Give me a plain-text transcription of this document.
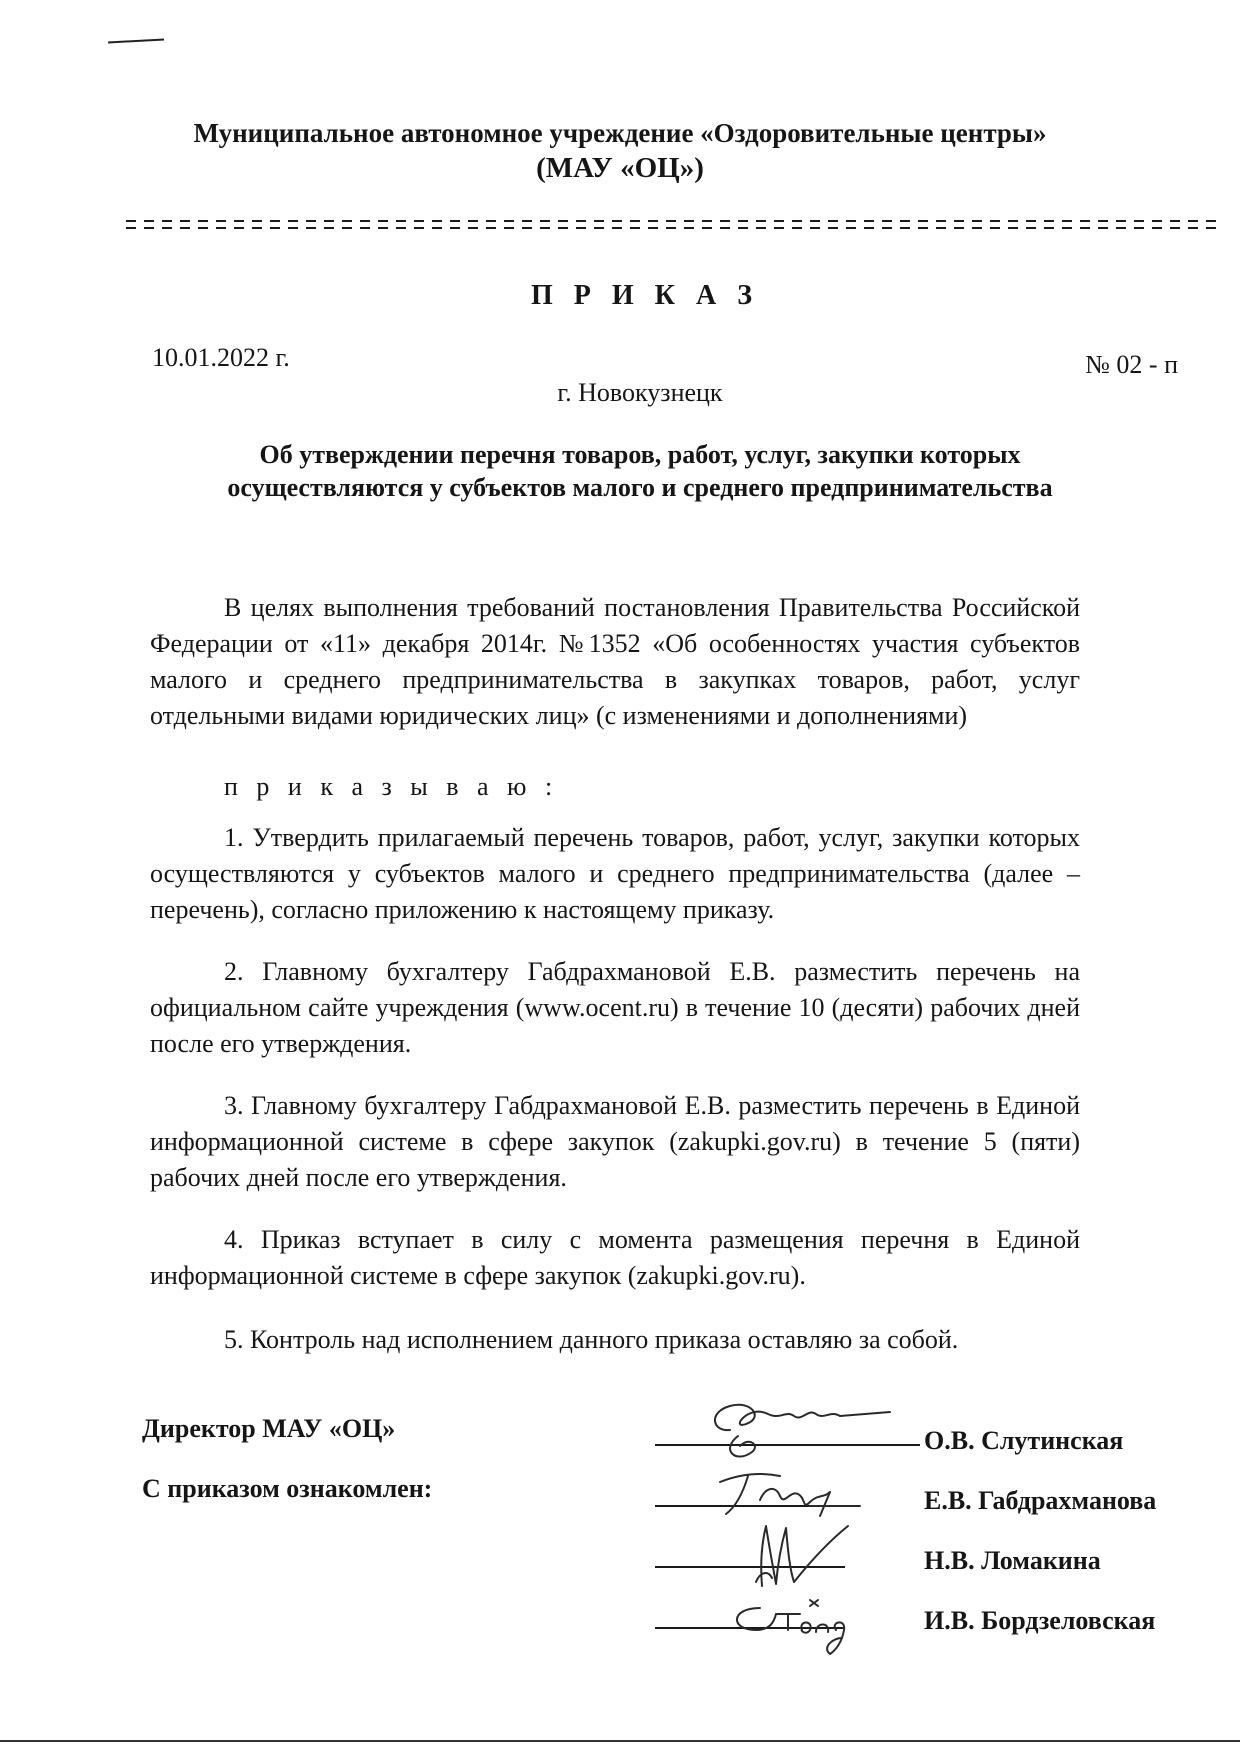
Муниципальное автономное учреждение «Оздоровительные центры»
(МАУ «ОЦ»)
П Р И К А З
10.01.2022 г.	№ 02 - п
г. Новокузнецк
Об утверждении перечня товаров, работ, услуг, закупки которых осуществляются у субъектов малого и среднего предпринимательства
В целях выполнения требований постановления Правительства Российской Федерации от «11» декабря 2014г. №1352 «Об особенностях участия субъектов малого и среднего предпринимательства в закупках товаров, работ, услуг отдельными видами юридических лиц» (с изменениями и дополнениями)
п р и к а з ы в а ю :
1. Утвердить прилагаемый перечень товаров, работ, услуг, закупки которых осуществляются у субъектов малого и среднего предпринимательства (далее – перечень), согласно приложению к настоящему приказу.
2. Главному бухгалтеру Габдрахмановой Е.В. разместить перечень на официальном сайте учреждения (www.ocent.ru) в течение 10 (десяти) рабочих дней после его утверждения.
3. Главному бухгалтеру Габдрахмановой Е.В. разместить перечень в Единой информационной системе в сфере закупок (zakupki.gov.ru) в течение 5 (пяти) рабочих дней после его утверждения.
4. Приказ вступает в силу с момента размещения перечня в Единой информационной системе в сфере закупок (zakupki.gov.ru).
5. Контроль над исполнением данного приказа оставляю за собой.
Директор МАУ «ОЦ»
С приказом ознакомлен:
О.В. Слутинская
Е.В. Габдрахманова
Н.В. Ломакина
И.В. Бордзеловская
